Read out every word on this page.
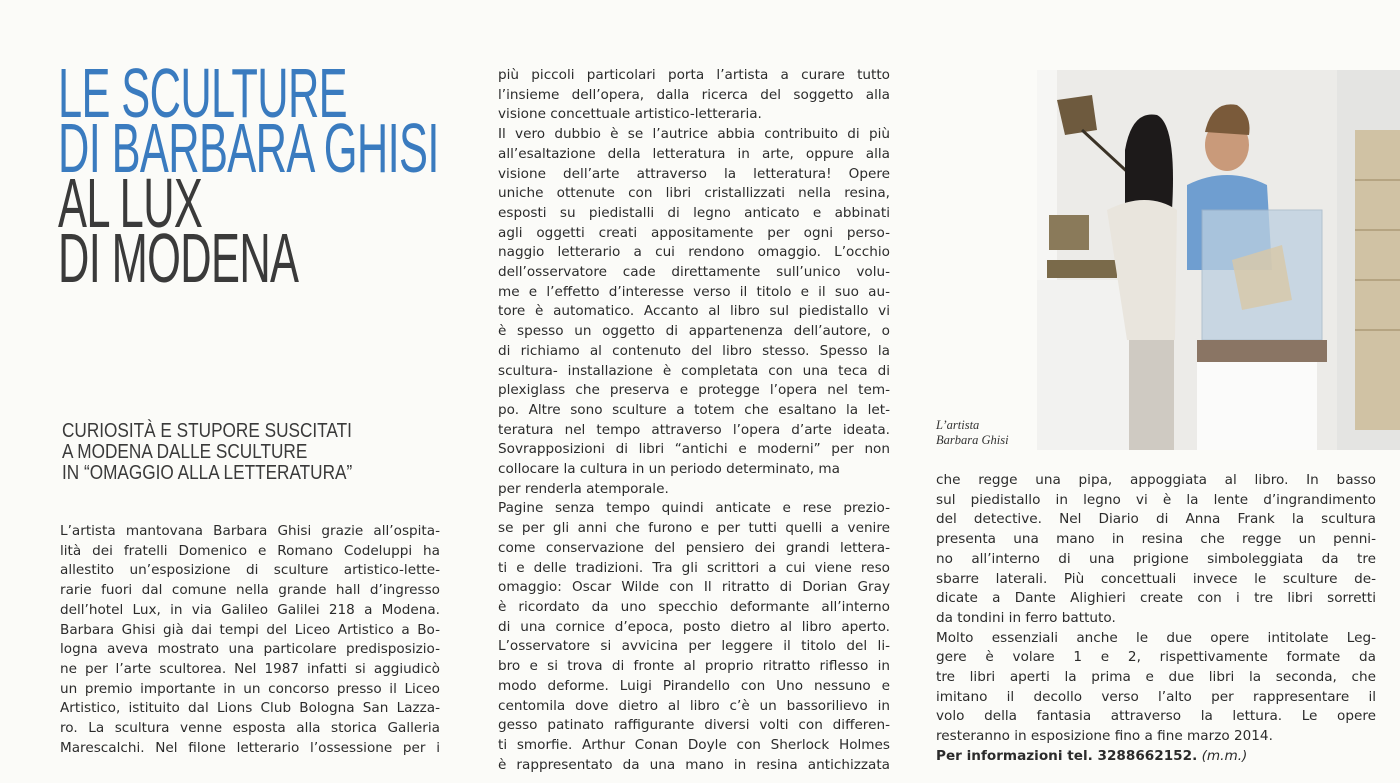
LE SCULTURE
DI BARBARA GHISI
AL LUX
DI MODENA
CURIOSITÀ E STUPORE SUSCITATI
A MODENA DALLE SCULTURE
IN “OMAGGIO ALLA LETTERATURA”
L’artista mantovana Barbara Ghisi grazie all’ospita-
lità dei fratelli Domenico e Romano Codeluppi ha
allestito un’esposizione di sculture artistico-lette-
rarie fuori dal comune nella grande hall d’ingresso
dell’hotel Lux, in via Galileo Galilei 218 a Modena.
Barbara Ghisi già dai tempi del Liceo Artistico a Bo-
logna aveva mostrato una particolare predisposizio-
ne per l’arte scultorea. Nel 1987 infatti si aggiudicò
un premio importante in un concorso presso il Liceo
Artistico, istituito dal Lions Club Bologna San Lazza-
ro. La scultura venne esposta alla storica Galleria
Marescalchi. Nel filone letterario l’ossessione per i
più piccoli particolari porta l’artista a curare tutto
l’insieme dell’opera, dalla ricerca del soggetto alla
visione concettuale artistico-letteraria.
Il vero dubbio è se l’autrice abbia contribuito di più
all’esaltazione della letteratura in arte, oppure alla
visione dell’arte attraverso la letteratura! Opere
uniche ottenute con libri cristallizzati nella resina,
esposti su piedistalli di legno anticato e abbinati
agli oggetti creati appositamente per ogni perso-
naggio letterario a cui rendono omaggio. L’occhio
dell’osservatore cade direttamente sull’unico volu-
me e l’effetto d’interesse verso il titolo e il suo au-
tore è automatico. Accanto al libro sul piedistallo vi
è spesso un oggetto di appartenenza dell’autore, o
di richiamo al contenuto del libro stesso. Spesso la
scultura- installazione è completata con una teca di
plexiglass che preserva e protegge l’opera nel tem-
po. Altre sono sculture a totem che esaltano la let-
teratura nel tempo attraverso l’opera d’arte ideata.
Sovrapposizioni di libri “antichi e moderni” per non
collocare la cultura in un periodo determinato, ma
per renderla atemporale.
Pagine senza tempo quindi anticate e rese prezio-
se per gli anni che furono e per tutti quelli a venire
come conservazione del pensiero dei grandi lettera-
ti e delle tradizioni. Tra gli scrittori a cui viene reso
omaggio: Oscar Wilde con Il ritratto di Dorian Gray
è ricordato da uno specchio deformante all’interno
di una cornice d’epoca, posto dietro al libro aperto.
L’osservatore si avvicina per leggere il titolo del li-
bro e si trova di fronte al proprio ritratto riflesso in
modo deforme. Luigi Pirandello con Uno nessuno e
centomila dove dietro al libro c’è un bassorilievo in
gesso patinato raffigurante diversi volti con differen-
ti smorfie. Arthur Conan Doyle con Sherlock Holmes
è rappresentato da una mano in resina antichizzata
che regge una pipa, appoggiata al libro. In basso
sul piedistallo in legno vi è la lente d’ingrandimento
del detective. Nel Diario di Anna Frank la scultura
presenta una mano in resina che regge un penni-
no all’interno di una prigione simboleggiata da tre
sbarre laterali. Più concettuali invece le sculture de-
dicate a Dante Alighieri create con i tre libri sorretti
da tondini in ferro battuto.
Molto essenziali anche le due opere intitolate Leg-
gere è volare 1 e 2, rispettivamente formate da
tre libri aperti la prima e due libri la seconda, che
imitano il decollo verso l’alto per rappresentare il
volo della fantasia attraverso la lettura. Le opere
resteranno in esposizione fino a fine marzo 2014.
Per informazioni tel. 3288662152. (m.m.)
L’artista
Barbara Ghisi
